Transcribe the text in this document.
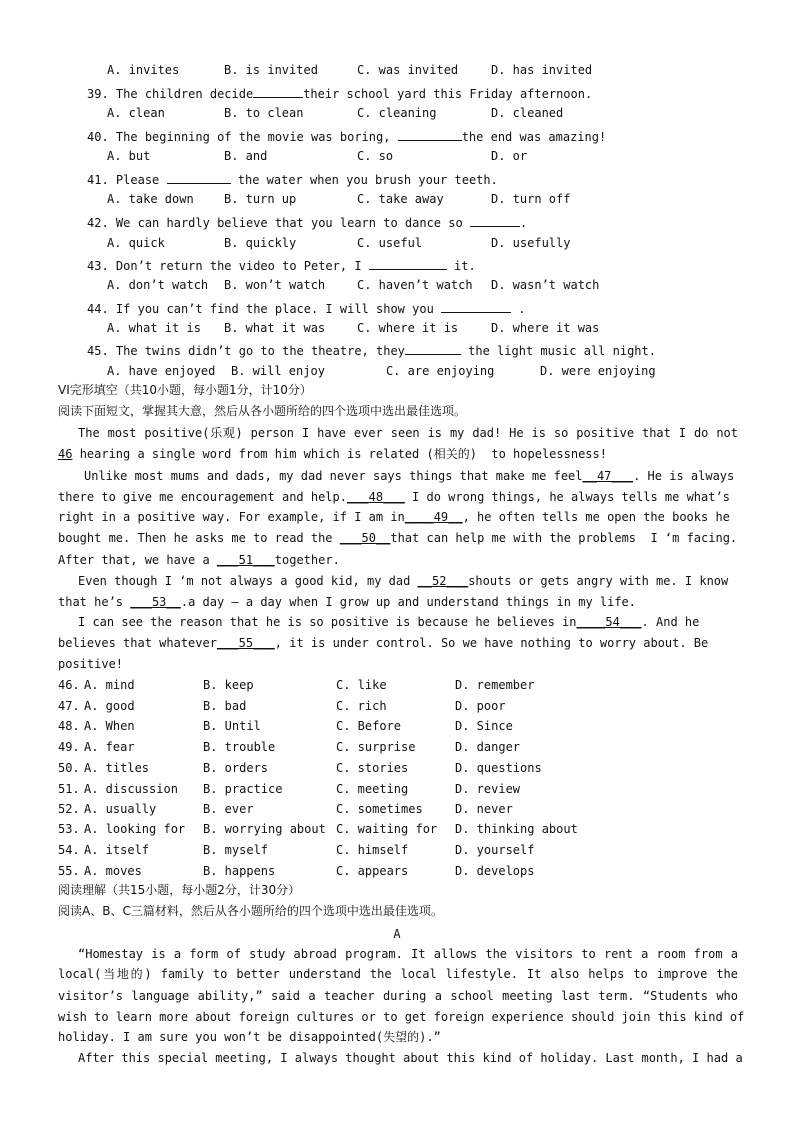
A. invites	B. is invited	C. was invited	D. has invited
39. The children decide	their school yard this Friday afternoon.
A. clean	B. to clean	C. cleaning	D. cleaned
40. The beginning of the movie was boring,	the end was amazing!
A. but	B. and	C. so	D. or
41. Please	the water when you brush your teeth.
A. take down	B. turn up	C. take away	D. turn off
42. We can hardly believe that you learn to dance so	.
A. quick	B. quickly	C. useful	D. usefully
43. Don’t return the video to Peter, I	it.
A. don’t watch B. won’t watch	C. haven’t watch D. wasn’t watch
44. If you can’t find the place. I will show you	.
A. what it is B. what it was	C. where it is	D. where it was
45. The twins didn’t go to the theatre, they	the light music all night.
A. have enjoyed B. will enjoy	C. are enjoying	D. were enjoying
VI完形填空（共10小题，每小题1分，计10分）
阅读下面短文，掌握其大意，然后从各小题所给的四个选项中选出最佳选项。
The most positive(乐观) person I have ever seen is my dad! He is so positive that I do not
46 hearing a single word from him which is related (相关的)  to hopelessness!
Unlike most mums and dads, my dad never says things that make me feel__47___. He is always
there to give me encouragement and help.___48___ I do wrong things, he always tells me what’s
right in a positive way. For example, if I am in____49__, he often tells me open the books he
bought me. Then he asks me to read the ___50__that can help me with the problems  I ‘m facing.
After that, we have a ___51___together.
Even though I ‘m not always a good kid, my dad __52___shouts or gets angry with me. I know
that he’s ___53__.a day – a day when I grow up and understand things in my life.
I can see the reason that he is so positive is because he believes in____54___. And he
believes that whatever___55___, it is under control. So we have nothing to worry about. Be
positive!
46. A. mind	B. keep	C. like	D. remember
47. A. good	B. bad	C. rich	D. poor
48. A. When	B. Until	C. Before	D. Since
49. A. fear	B. trouble	C. surprise	D. danger
50. A. titles	B. orders	C. stories	D. questions
51. A. discussion B. practice	C. meeting	D. review
52. A. usually	B. ever	C. sometimes	D. never
53. A. looking for B. worrying about C. waiting for D. thinking about
54. A. itself	B. myself	C. himself	D. yourself
55. A. moves	B. happens	C. appears	D. develops
阅读理解（共15小题，每小题2分，计30分）
阅读A、B、C三篇材料，然后从各小题所给的四个选项中选出最佳选项。
A
“Homestay is a form of study abroad program. It allows the visitors to rent a room from a
local(当地的) family to better understand the local lifestyle. It also helps to improve the
visitor’s language ability,” said a teacher during a school meeting last term. “Students who
wish to learn more about foreign cultures or to get foreign experience should join this kind of
holiday. I am sure you won’t be disappointed(失望的).”
After this special meeting, I always thought about this kind of holiday. Last month, I had a
